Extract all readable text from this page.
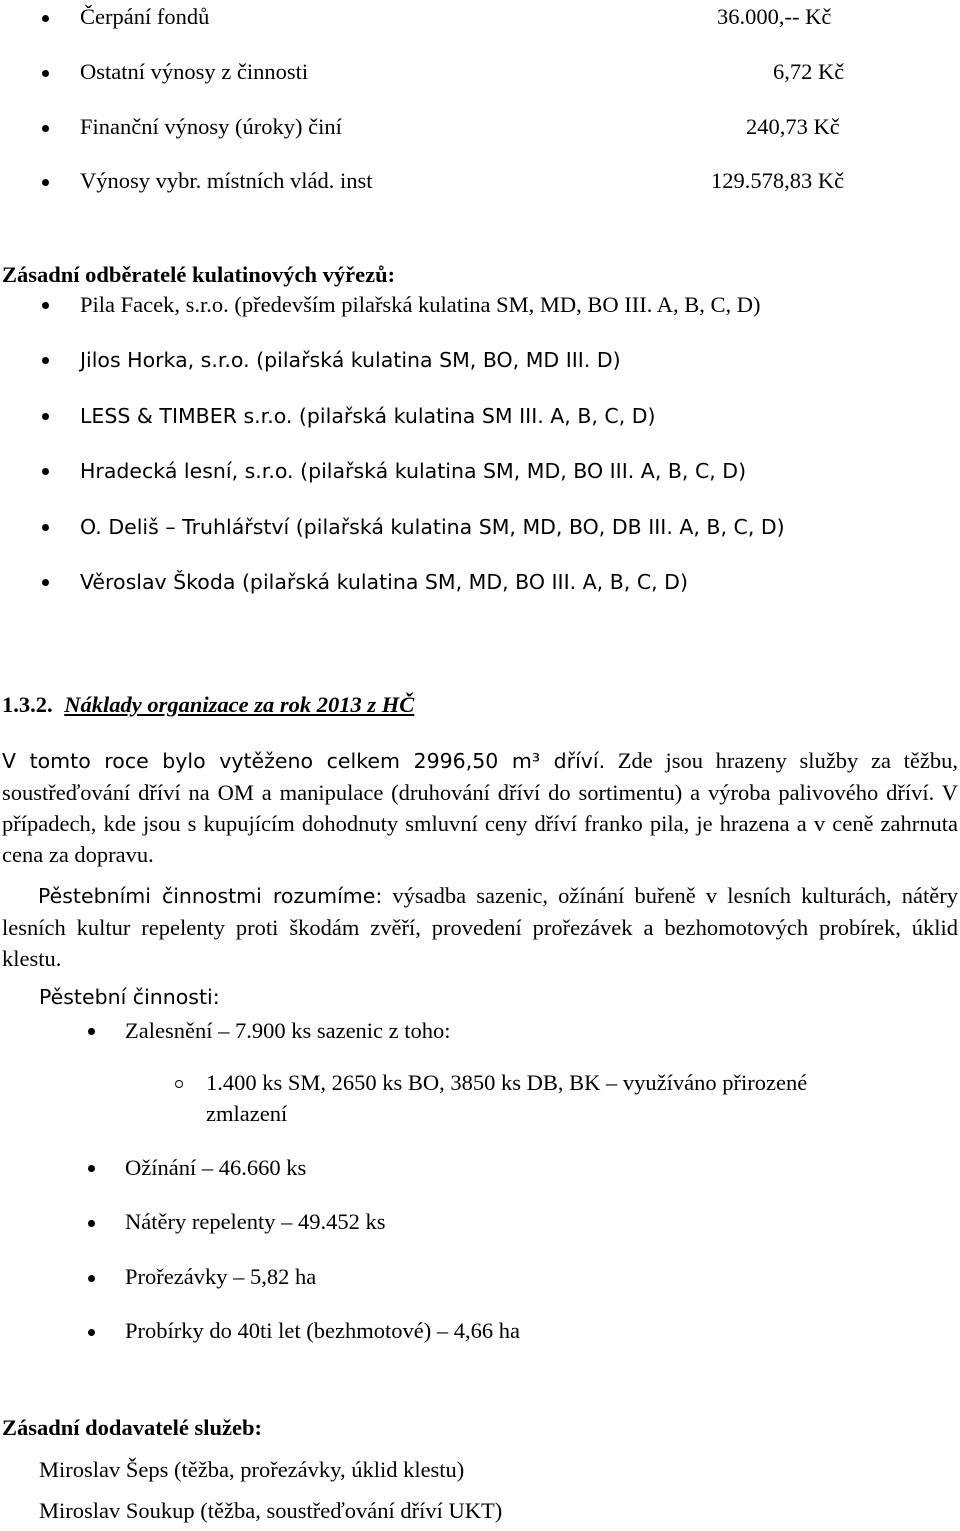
Čerpání fondů	36.000,-- Kč
Ostatní výnosy z činnosti	6,72 Kč
Finanční výnosy (úroky) činí	240,73 Kč
Výnosy vybr. místních vlád. inst	129.578,83 Kč
Zásadní odběratelé kulatinových výřezů:
Pila Facek, s.r.o. (především pilařská kulatina SM, MD, BO III. A, B, C, D)
Jilos Horka, s.r.o. (pilařská kulatina SM, BO, MD III. D)
LESS & TIMBER s.r.o. (pilařská kulatina SM III. A, B, C, D)
Hradecká lesní, s.r.o. (pilařská kulatina SM, MD, BO III. A, B, C, D)
O. Deliš – Truhlářství (pilařská kulatina SM, MD, BO, DB III. A, B, C, D)
Věroslav Škoda (pilařská kulatina SM, MD, BO III. A, B, C, D)
1.3.2. Náklady organizace za rok 2013 z HČ
V tomto roce bylo vytěženo celkem 2996,50 m³ dříví. Zde jsou hrazeny služby za těžbu, soustřeďování dříví na OM a manipulace (druhování dříví do sortimentu) a výroba palivového dříví. V případech, kde jsou s kupujícím dohodnuty smluvní ceny dříví franko pila, je hrazena a v ceně zahrnuta cena za dopravu.
Pěstebními činnostmi rozumíme: výsadba sazenic, ožínání buřeně v lesních kulturách, nátěry lesních kultur repelenty proti škodám zvěří, provedení prořezávek a bezhomotových probírek, úklid klestu.
Pěstební činnosti:
Zalesnění – 7.900 ks sazenic z toho:
1.400 ks SM, 2650 ks BO, 3850 ks DB, BK – využíváno přirozené
zmlazení
Ožínání – 46.660 ks
Nátěry repelenty – 49.452 ks
Prořezávky – 5,82 ha
Probírky do 40ti let (bezhmotové) – 4,66 ha
Zásadní dodavatelé služeb:
Miroslav Šeps (těžba, prořezávky, úklid klestu)
Miroslav Soukup (těžba, soustřeďování dříví UKT)
